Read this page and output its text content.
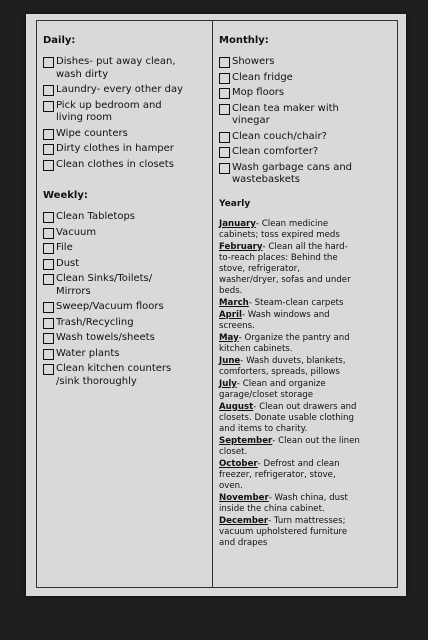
Daily:
Dishes- put away clean,
wash dirty
Laundry- every other day
Pick up bedroom and
living room
Wipe counters
Dirty clothes in hamper
Clean clothes in closets
Weekly:
Clean Tabletops
Vacuum
File
Dust
Clean Sinks/Toilets/
Mirrors
Sweep/Vacuum floors
Trash/Recycling
Wash towels/sheets
Water plants
Clean kitchen counters
/sink thoroughly
Monthly:
Showers
Clean fridge
Mop floors
Clean tea maker with
vinegar
Clean couch/chair?
Clean comforter?
Wash garbage cans and
wastebaskets
Yearly
January- Clean medicine
cabinets; toss expired meds
February- Clean all the hard-
to-reach places: Behind the
stove, refrigerator,
washer/dryer, sofas and under
beds.
March- Steam-clean carpets
April- Wash windows and
screens.
May- Organize the pantry and
kitchen cabinets.
June- Wash duvets, blankets,
comforters, spreads, pillows
July- Clean and organize
garage/closet storage
August- Clean out drawers and
closets. Donate usable clothing
and items to charity.
September- Clean out the linen
closet.
October- Defrost and clean
freezer, refrigerator, stove,
oven.
November- Wash china, dust
inside the china cabinet.
December- Turn mattresses;
vacuum upholstered furniture
and drapes
